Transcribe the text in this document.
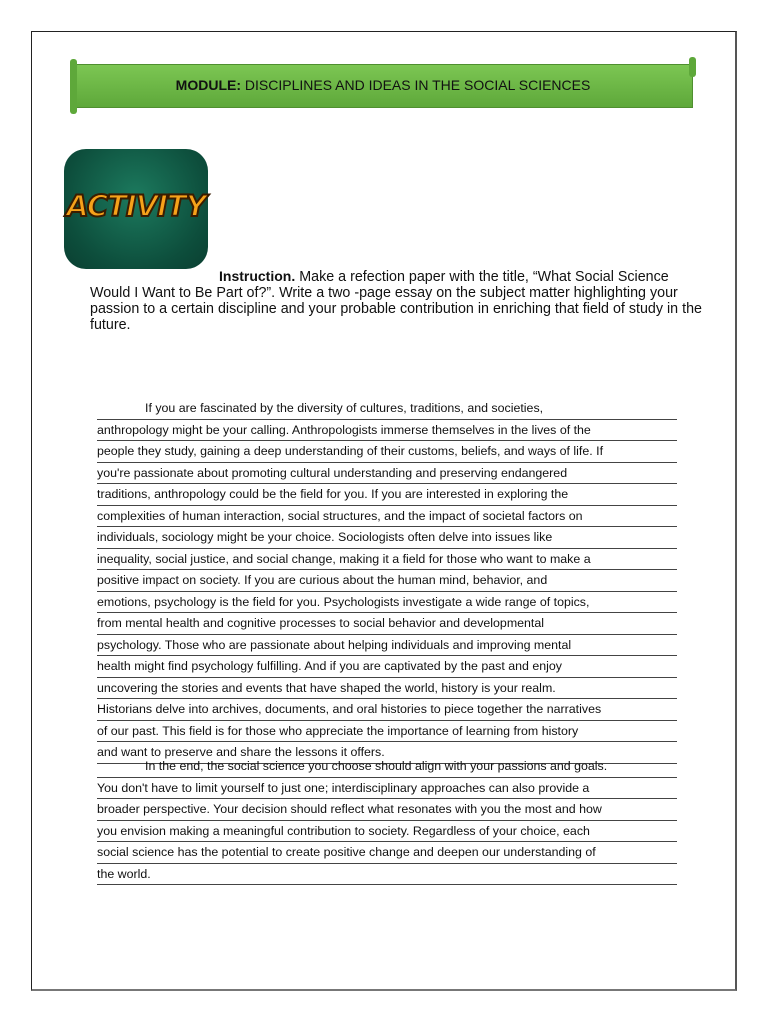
MODULE: DISCIPLINES AND IDEAS IN THE SOCIAL SCIENCES
ACTIVITY
Instruction. Make a refection paper with the title, “What Social Science Would I Want to Be Part of?”. Write a two -page essay on the subject matter highlighting your passion to a certain discipline and your probable contribution in enriching that field of study in the future.

If you are fascinated by the diversity of cultures, traditions, and societies,

anthropology might be your calling. Anthropologists immerse themselves in the lives of the

people they study, gaining a deep understanding of their customs, beliefs, and ways of life. If

you're passionate about promoting cultural understanding and preserving endangered

traditions, anthropology could be the field for you. If you are interested in exploring the

complexities of human interaction, social structures, and the impact of societal factors on

individuals, sociology might be your choice. Sociologists often delve into issues like

inequality, social justice, and social change, making it a field for those who want to make a

positive impact on society. If you are curious about the human mind, behavior, and

emotions, psychology is the field for you. Psychologists investigate a wide range of topics,

from mental health and cognitive processes to social behavior and developmental

psychology. Those who are passionate about helping individuals and improving mental

health might find psychology fulfilling. And if you are captivated by the past and enjoy

uncovering the stories and events that have shaped the world, history is your realm.

Historians delve into archives, documents, and oral histories to piece together the narratives

of our past. This field is for those who appreciate the importance of learning from history

and want to preserve and share the lessons it offers.

In the end, the social science you choose should align with your passions and goals.

You don't have to limit yourself to just one; interdisciplinary approaches can also provide a

broader perspective. Your decision should reflect what resonates with you the most and how

you envision making a meaningful contribution to society. Regardless of your choice, each

social science has the potential to create positive change and deepen our understanding of

the world.
